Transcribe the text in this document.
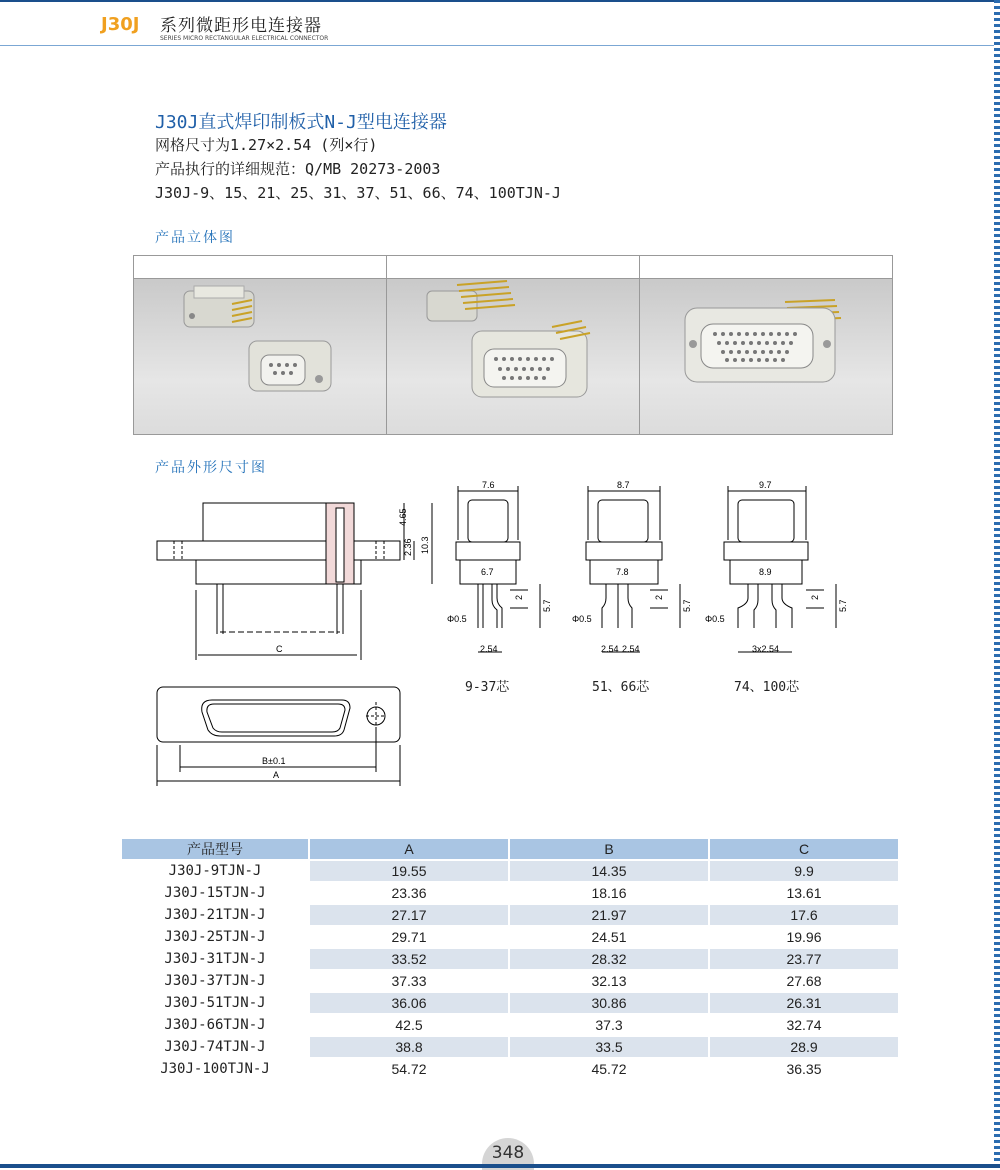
J30J 系列微距形电连接器
SERIES MICRO RECTANGULAR ELECTRICAL CONNECTOR
J30J直式焊印制板式N-J型电连接器
网格尺寸为1.27×2.54 (列×行)
产品执行的详细规范：Q/MB 20273-2003
J30J-9、15、21、25、31、37、51、66、74、100TJN-J
产品立体图
产品外形尺寸图
4.65
2.36 10.3
C
B±0.1
A
7.6
6.7
2
5.7
Φ0.5
2.54
8.7
7.8
2
5.7
Φ0.5
2.54 2.54
9.7
8.9
2
5.7
Φ0.5
3x2.54
9-37芯	51、66芯	74、100芯
产品型号	A	B	C
J30J-9TJN-J	19.55	14.35	9.9
J30J-15TJN-J	23.36	18.16	13.61
J30J-21TJN-J	27.17	21.97	17.6
J30J-25TJN-J	29.71	24.51	19.96
J30J-31TJN-J	33.52	28.32	23.77
J30J-37TJN-J	37.33	32.13	27.68
J30J-51TJN-J	36.06	30.86	26.31
J30J-66TJN-J	42.5	37.3	32.74
J30J-74TJN-J	38.8	33.5	28.9
J30J-100TJN-J	54.72	45.72	36.35
348
